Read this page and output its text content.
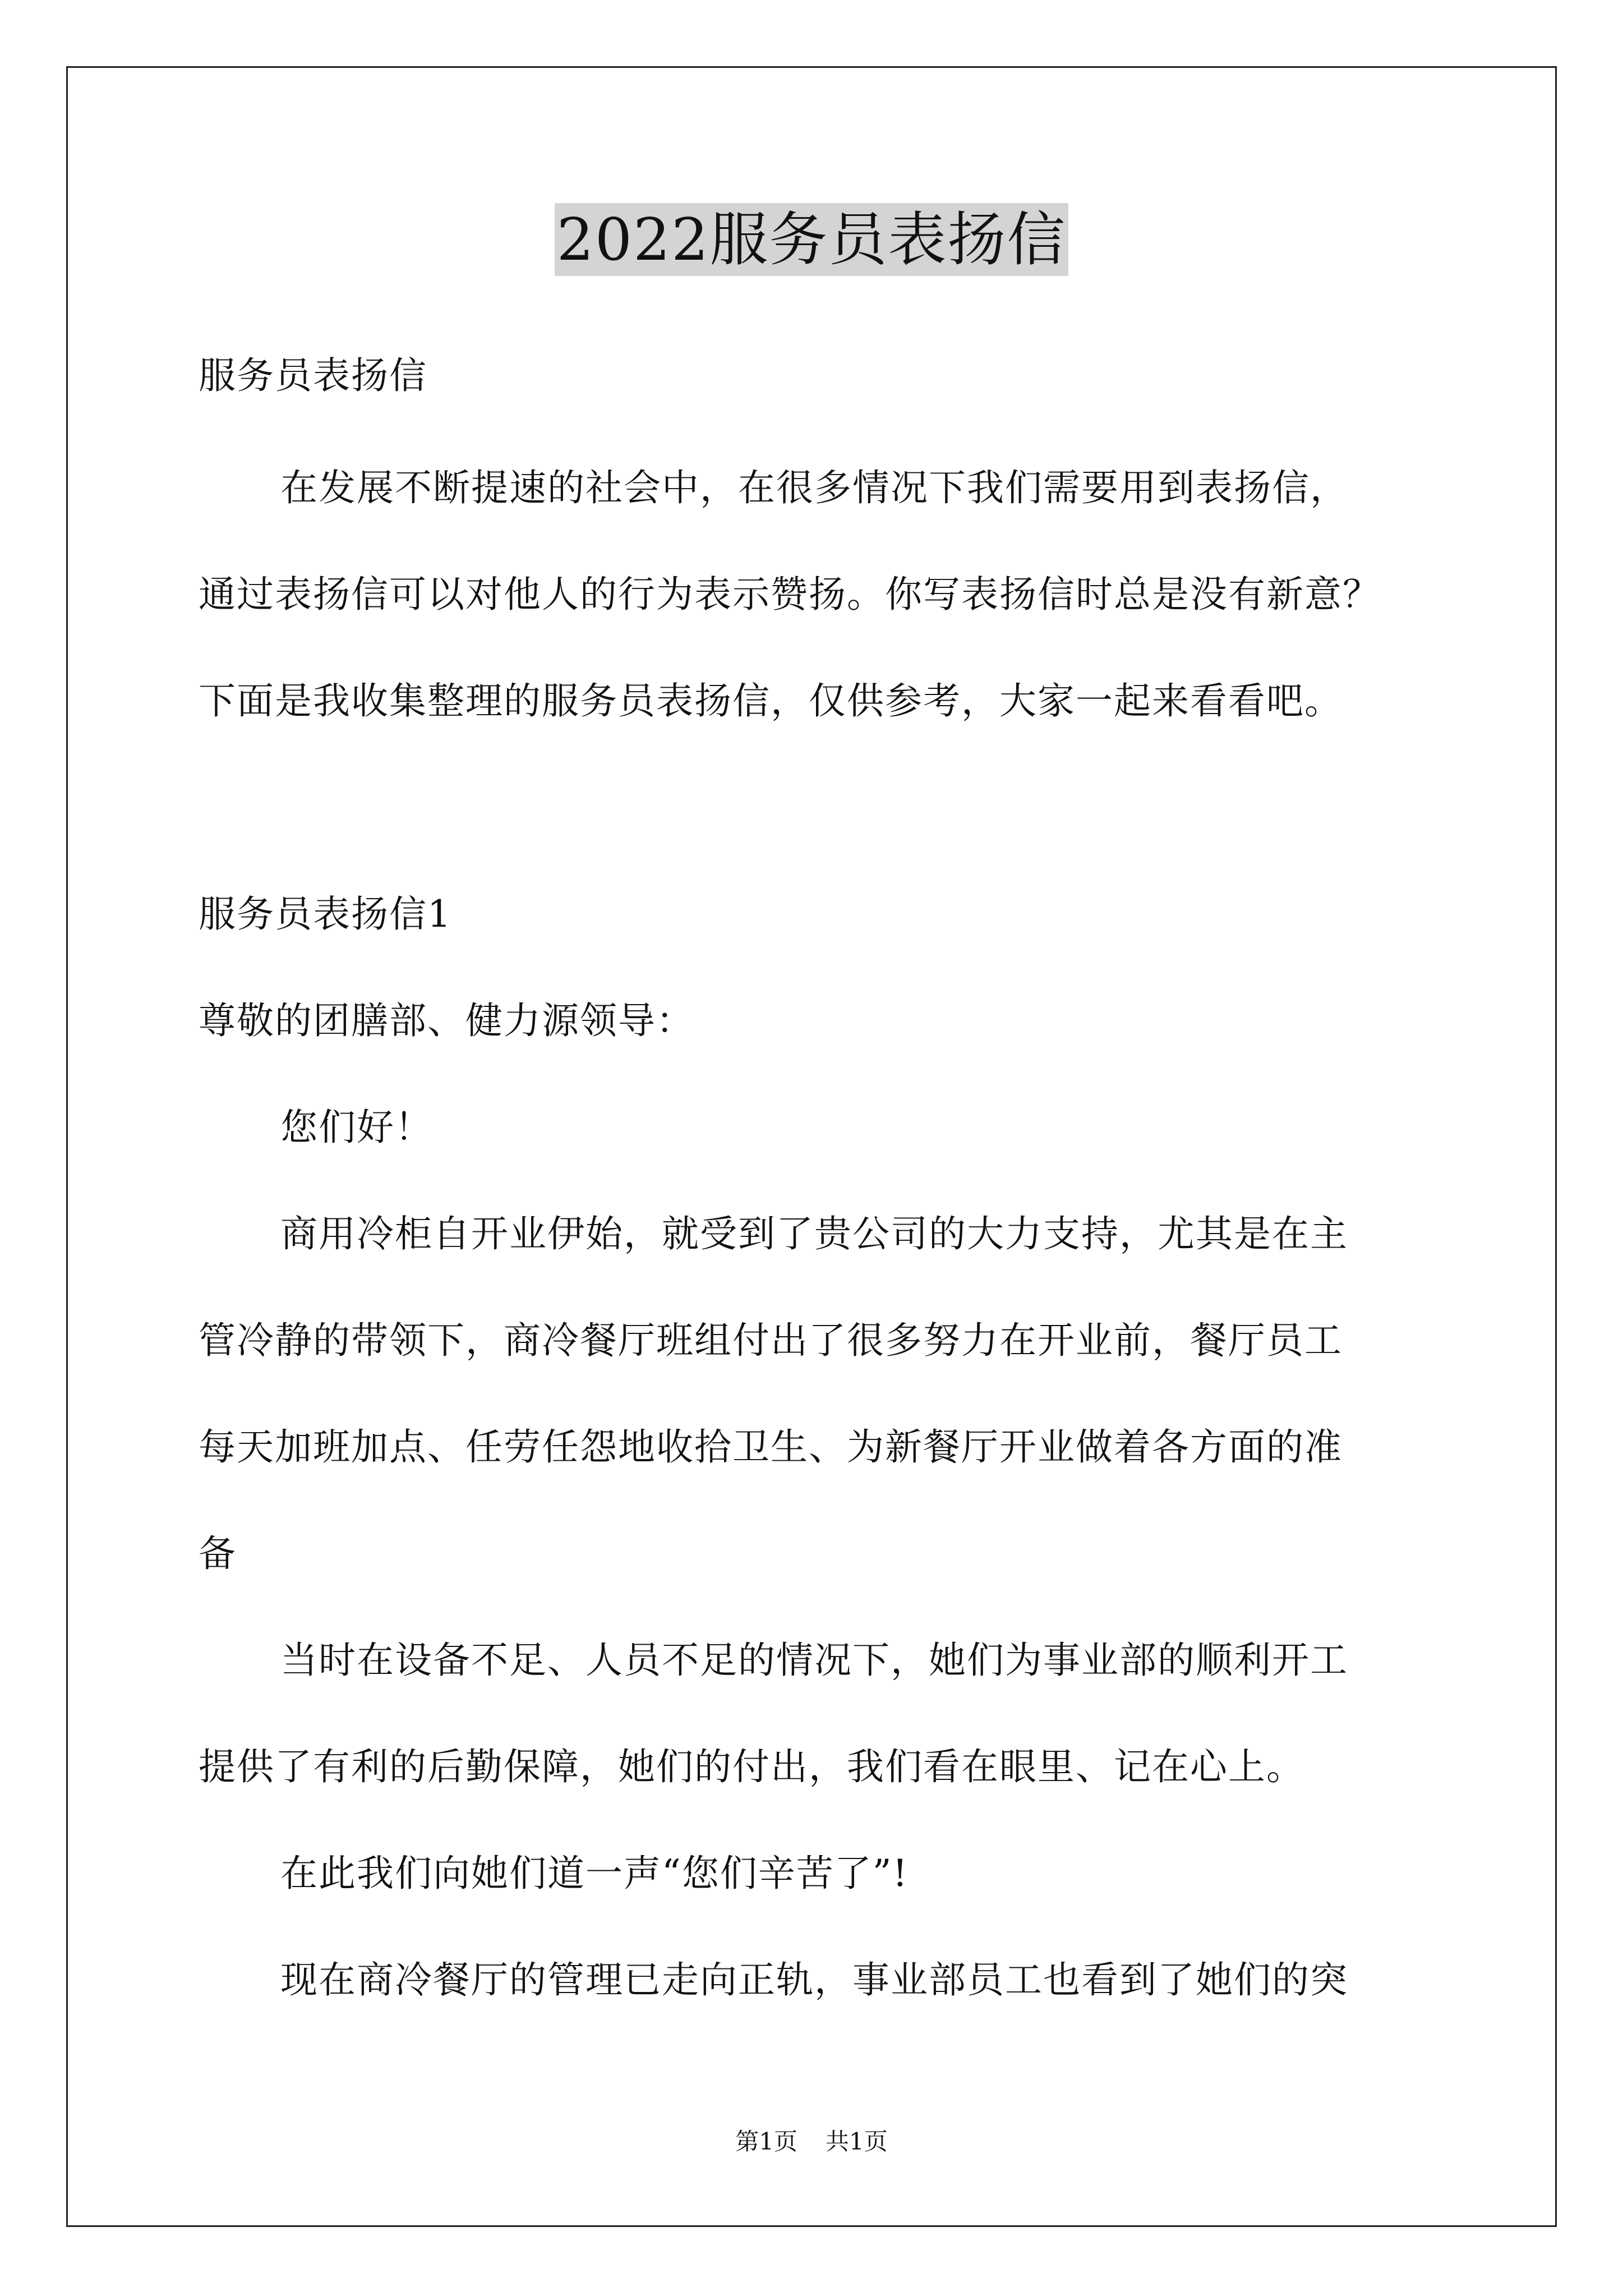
2022服务员表扬信
服务员表扬信
在发展不断提速的社会中，在很多情况下我们需要用到表扬信，
通过表扬信可以对他人的行为表示赞扬。你写表扬信时总是没有新意？
下面是我收集整理的服务员表扬信，仅供参考，大家一起来看看吧。
服务员表扬信1
尊敬的团膳部、健力源领导：
您们好！
商用冷柜自开业伊始，就受到了贵公司的大力支持，尤其是在主
管冷静的带领下，商冷餐厅班组付出了很多努力在开业前，餐厅员工
每天加班加点、任劳任怨地收拾卫生、为新餐厅开业做着各方面的准
备
当时在设备不足、人员不足的情况下，她们为事业部的顺利开工
提供了有利的后勤保障，她们的付出，我们看在眼里、记在心上。
在此我们向她们道一声“您们辛苦了”!
现在商冷餐厅的管理已走向正轨，事业部员工也看到了她们的突
第1页 共1页
